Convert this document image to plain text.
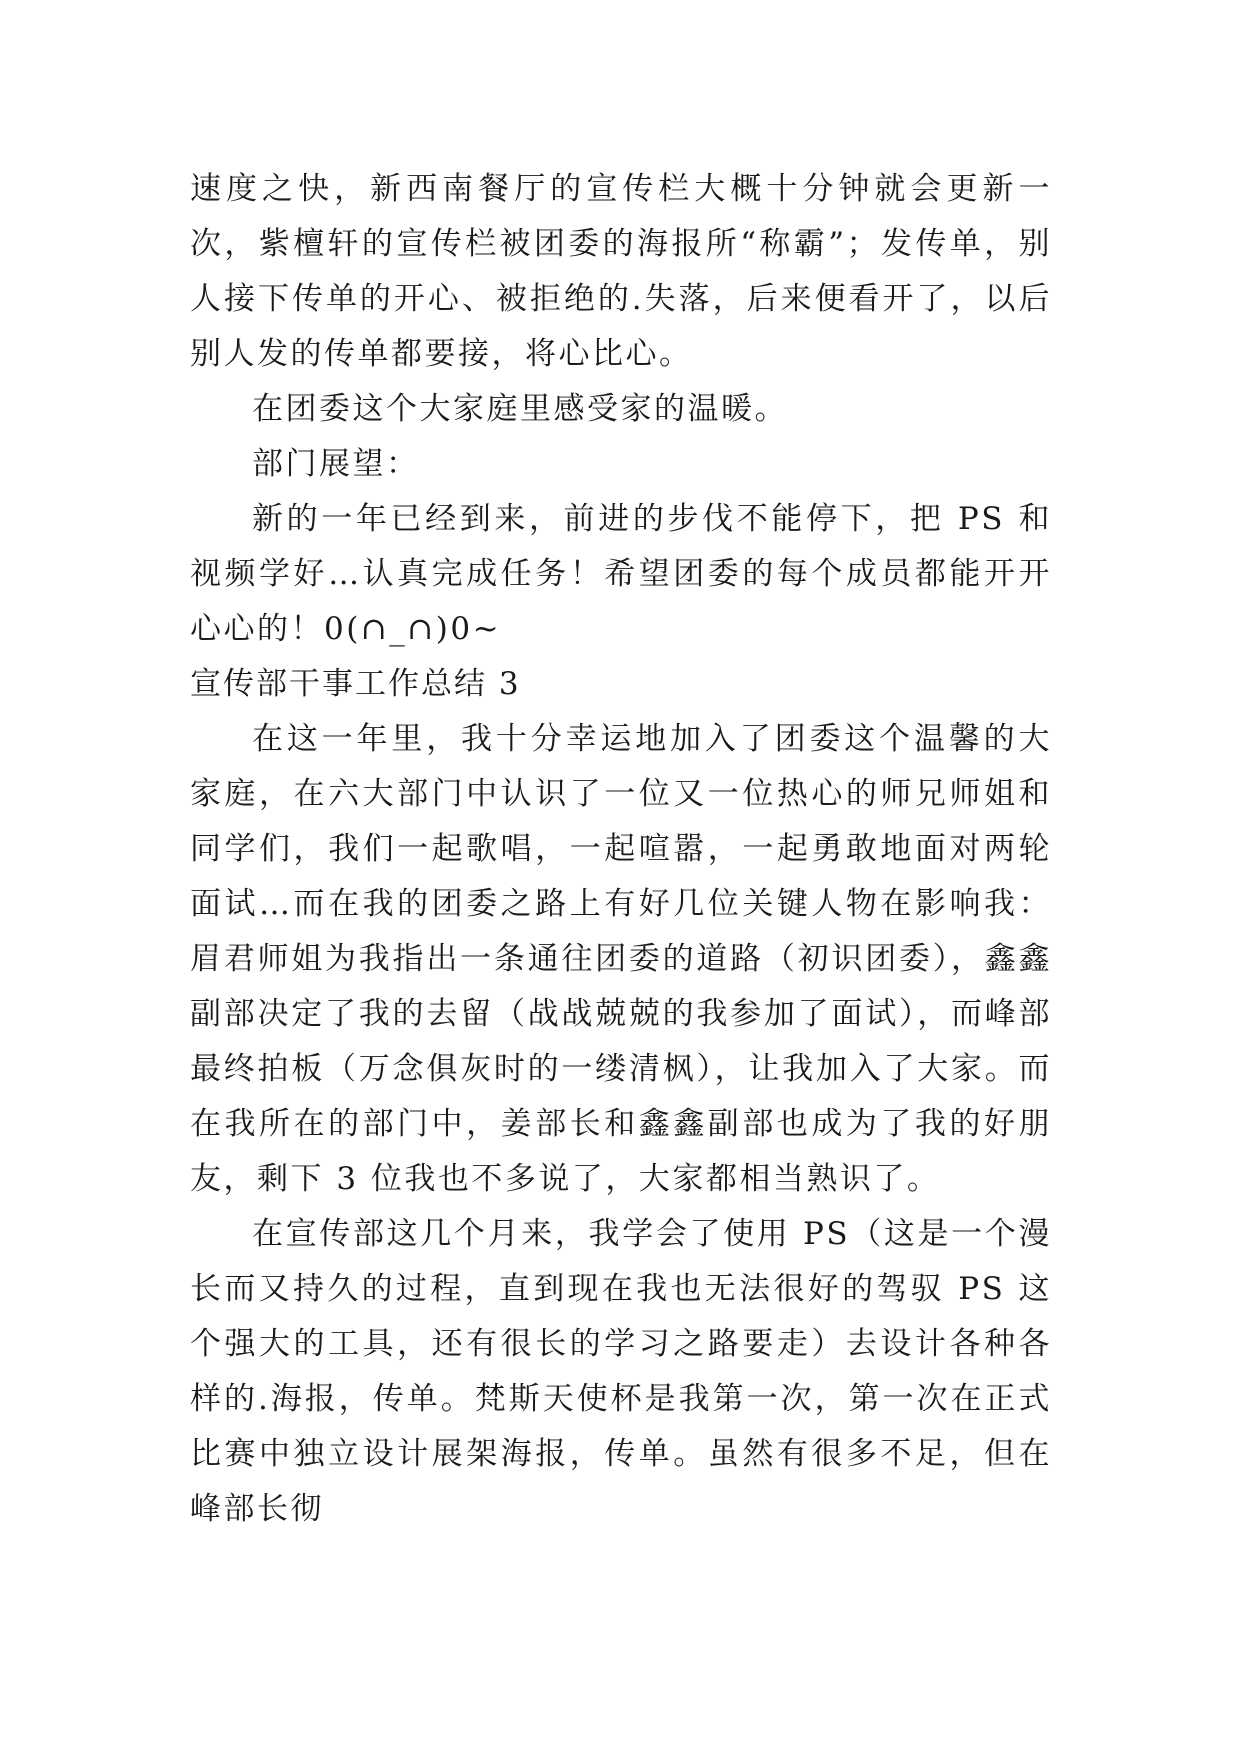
速度之快，新西南餐厅的宣传栏大概十分钟就会更新一次，紫檀轩的宣传栏被团委的海报所“称霸”；发传单，别人接下传单的开心、被拒绝的.失落，后来便看开了，以后别人发的传单都要接，将心比心。

在团委这个大家庭里感受家的温暖。

部门展望：

新的一年已经到来，前进的步伐不能停下，把 PS 和视频学好…认真完成任务！希望团委的每个成员都能开开心心的！0(∩_∩)0~

宣传部干事工作总结 3

在这一年里，我十分幸运地加入了团委这个温馨的大家庭，在六大部门中认识了一位又一位热心的师兄师姐和同学们，我们一起歌唱，一起喧嚣，一起勇敢地面对两轮面试…而在我的团委之路上有好几位关键人物在影响我：眉君师姐为我指出一条通往团委的道路（初识团委），鑫鑫副部决定了我的去留（战战兢兢的我参加了面试），而峰部最终拍板（万念俱灰时的一缕清枫），让我加入了大家。而在我所在的部门中，姜部长和鑫鑫副部也成为了我的好朋友，剩下 3 位我也不多说了，大家都相当熟识了。

在宣传部这几个月来，我学会了使用 PS（这是一个漫长而又持久的过程，直到现在我也无法很好的驾驭 PS 这个强大的工具，还有很长的学习之路要走）去设计各种各样的.海报，传单。梵斯天使杯是我第一次，第一次在正式比赛中独立设计展架海报，传单。虽然有很多不足，但在峰部长彻
